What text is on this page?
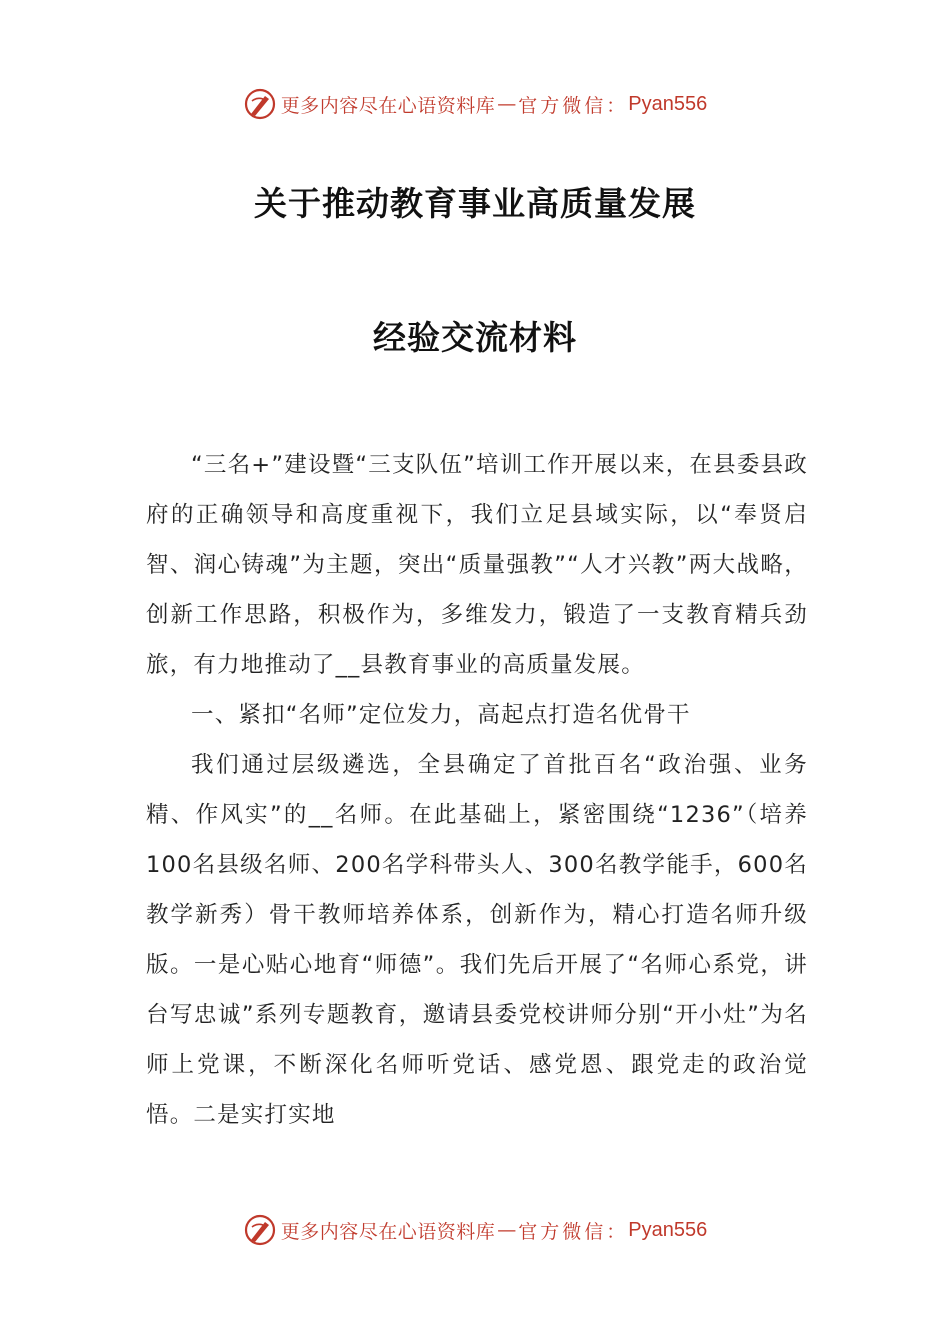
更多内容尽在心语资料库 — 官方微信： Pyan556
关于推动教育事业高质量发展
经验交流材料

“三名+”建设暨“三支队伍”培训工作开展以来，在县委县政府的正确领导和高度重视下，我们立足县域实际，以“奉贤启智、润心铸魂”为主题，突出“质量强教”“人才兴教”两大战略，创新工作思路，积极作为，多维发力，锻造了一支教育精兵劲旅，有力地推动了__县教育事业的高质量发展。

一、紧扣“名师”定位发力，高起点打造名优骨干

我们通过层级遴选，全县确定了首批百名“政治强、业务精、作风实”的__名师。在此基础上，紧密围绕“1236”（培养100名县级名师、200名学科带头人、300名教学能手，600名教学新秀）骨干教师培养体系，创新作为，精心打造名师升级版。一是心贴心地育“师德”。我们先后开展了“名师心系党，讲台写忠诚”系列专题教育，邀请县委党校讲师分别“开小灶”为名师上党课，不断深化名师听党话、感党恩、跟党走的政治觉悟。二是实打实地

更多内容尽在心语资料库 — 官方微信： Pyan556
